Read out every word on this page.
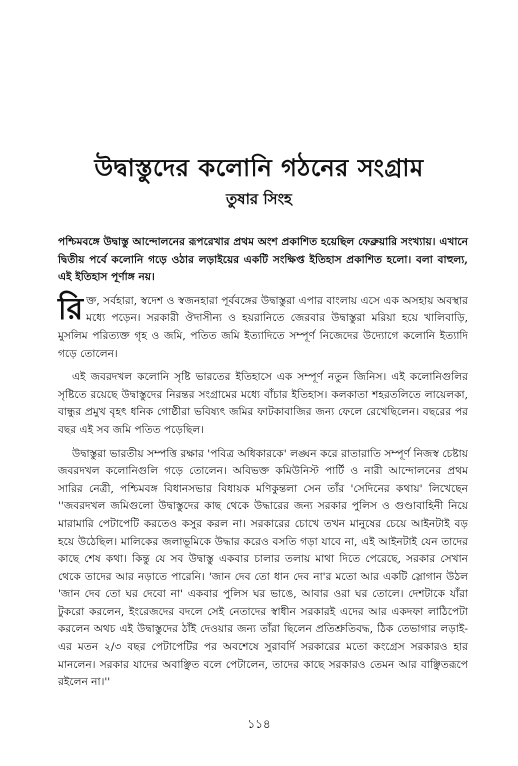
উদ্বাস্তুদের কলোনি গঠনের সংগ্রাম
তুষার সিংহ

পশ্চিমবঙ্গে উদ্বাস্তু আন্দোলনের রূপরেখার প্রথম অংশ প্রকাশিত হয়েছিল ফেব্রুয়ারি সংখ্যায়। এখানে দ্বিতীয় পর্বে কলোনি গড়ে ওঠার লড়াইয়ের একটি সংক্ষিপ্ত ইতিহাস প্রকাশিত হলো। বলা বাহুল্য, এই ইতিহাস পূর্ণাঙ্গ নয়।

রিক্ত, সর্বহারা, স্বদেশ ও স্বজনহারা পূর্ববঙ্গের উদ্বাস্তুরা এপার বাংলায় এসে এক অসহায় অবস্থার মধ্যে পড়েন। সরকারী ঔদাসীন্য ও হয়রানিতে জেরবার উদ্বাস্তুরা মরিয়া হয়ে খালিবাড়ি, মুসলিম পরিত্যক্ত গৃহ ও জমি, পতিত জমি ইত্যাদিতে সম্পূর্ণ নিজেদের উদ্যোগে কলোনি ইত্যাদি গড়ে তোলেন।

এই জবরদখল কলোনি সৃষ্টি ভারতের ইতিহাসে এক সম্পূর্ণ নতুন জিনিস। এই কলোনিগুলির সৃষ্টিতে রয়েছে উদ্বাস্তুদের নিরন্তর সংগ্রামের মধ্যে বাঁচার ইতিহাস। কলকাতা শহরতলিতে লায়েলকা, বান্ধুর প্রমুখ বৃহৎ ধনিক গোষ্ঠীরা ভবিষ্যৎ জমির ফাটকাবাজির জন্য ফেলে রেখেছিলেন। বছরের পর বছর এই সব জমি পতিত পড়েছিল।

উদ্বাস্তুরা ভারতীয় সম্পত্তি রক্ষার 'পবিত্র অধিকারকে' লঙ্ঘন করে রাতারাতি সম্পূর্ণ নিজস্ব চেষ্টায় জবরদখল কলোনিগুলি গড়ে তোলেন। অবিভক্ত কমিউনিস্ট পার্টি ও নারী আন্দোলনের প্রথম সারির নেত্রী, পশ্চিমবঙ্গ বিধানসভার বিধায়ক মণিকুন্তলা সেন তাঁর 'সেদিনের কথায়' লিখেছেন ''জবরদখল জমিগুলো উদ্বাস্তুদের কাছ থেকে উদ্ধারের জন্য সরকার পুলিস ও গুণ্ডাবাহিনী নিয়ে মারামারি পেটাপেটি করতেও কসুর করল না। সরকারের চোখে তখন মানুষের চেয়ে আইনটাই বড় হয়ে উঠেছিল। মালিকের জলাভূমিকে উদ্ধার করেও বসতি গড়া যাবে না, এই আইনটাই যেন তাদের কাছে শেষ কথা। কিন্তু যে সব উদ্বাস্তু একবার চালার তলায় মাথা দিতে পেরেছে, সরকার সেখান থেকে তাদের আর নড়াতে পারেনি। 'জান দেব তো ধান দেব না'র মতো আর একটি স্লোগান উঠল 'জান দেব তো ঘর দেবো না' একবার পুলিস ঘর ভাঙে, আবার ওরা ঘর তোলে। দেশটাকে যাঁরা টুকরো করলেন, ইংরেজদের বদলে সেই নেতাদের স্বাধীন সরকারই এদের আর একদফা লাঠিপেটা করলেন অথচ এই উদ্বাস্তুদের ঠাঁই দেওয়ার জন্য তাঁরা ছিলেন প্রতিশ্রুতিবদ্ধ, ঠিক তেভাগার লড়াই-এর মতন ২/৩ বছর পেটাপেটির পর অবশেষে সুরাবর্দি সরকারের মতো কংগ্রেস সরকারও হার মানলেন। সরকার যাদের অবাঞ্ছিত বলে পেটালেন, তাদের কাছে সরকারও তেমন আর বাঞ্ছিতরূপে রইলেন না।''

১১৪
